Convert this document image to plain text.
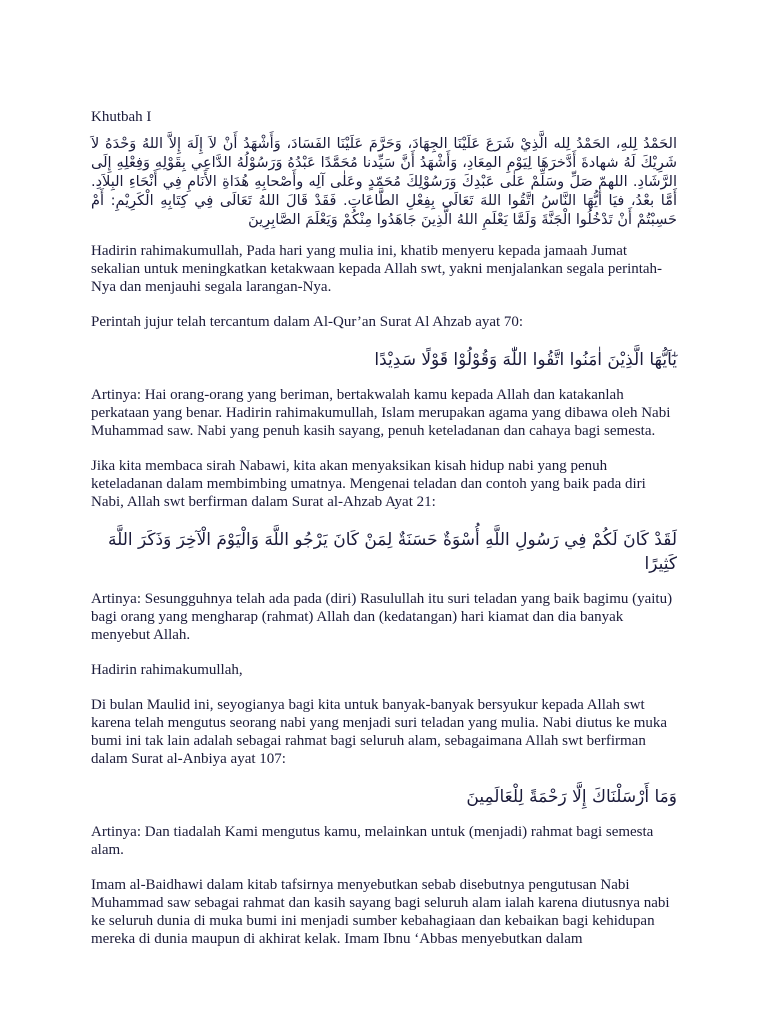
Khutbah I
الحَمْدُ لِلهِ، الحَمْدُ لِله الَّذِيْ شَرَعَ عَلَيْنَا الجِهَادَ، وَحَرَّمَ عَلَيْنَا الفَسَادَ، وَأَشْهَدُ أَنْ لاَ إِلَهَ إِلاَّ اللهُ وَحْدَهُ لاَ شَرِيْكَ لَهُ شهادةَ أَدَّخرَهَا لِيَوْمِ المِعَادِ، وَأَشْهَدُ أَنَّ سَيِّدنا مُحَمَّدًا عَبْدُهُ وَرَسُوْلُهُ الدَّاعِي بِقَوْلِهِ وَفِعْلِهِ إِلَى الرَّشَادِ. اللهمّ صَلِّ وسَلِّمْ عَلٰى عَبْدِكَ وَرَسُوْلِكَ مُحَمّدٍ وعَلٰى آلِه وأَصْحابِهِ هُدَاةِ الأَنَامِ فِي أَنْحَاءِ البِلاَدِ. أَمَّا بعْدُ، فيَا أيُّهَا النَّاسُ اتَّقُوا اللهَ تَعَالَى بِفِعْلِ الطَّاعَاتِ. فَقَدْ قَالَ اللهُ تَعَالَى فِي كِتَابِهِ الْكَرِيْمِ: أَمْ حَسِبْتُمْ أَنْ تَدْخُلُوا الْجَنَّةَ وَلَمَّا يَعْلَمِ اللهُ الَّذِينَ جَاهَدُوا مِنْكُمْ وَيَعْلَمَ الصَّابِرِينَ

Hadirin rahimakumullah, Pada hari yang mulia ini, khatib menyeru kepada jamaah Jumat sekalian untuk meningkatkan ketakwaan kepada Allah swt, yakni menjalankan segala perintah-Nya dan menjauhi segala larangan-Nya.

Perintah jujur telah tercantum dalam Al-Qur’an Surat Al Ahzab ayat 70:

يٰٓاَيُّهَا الَّذِيْنَ اٰمَنُوا اتَّقُوا اللّٰهَ وَقُوْلُوْا قَوْلًا سَدِيْدًا

Artinya: Hai orang-orang yang beriman, bertakwalah kamu kepada Allah dan katakanlah perkataan yang benar. Hadirin rahimakumullah, Islam merupakan agama yang dibawa oleh Nabi Muhammad saw. Nabi yang penuh kasih sayang, penuh keteladanan dan cahaya bagi semesta.

Jika kita membaca sirah Nabawi, kita akan menyaksikan kisah hidup nabi yang penuh keteladanan dalam membimbing umatnya. Mengenai teladan dan contoh yang baik pada diri Nabi, Allah swt berfirman dalam Surat al-Ahzab Ayat 21:

لَقَدْ كَانَ لَكُمْ فِي رَسُولِ اللَّهِ أُسْوَةٌ حَسَنَةٌ لِمَنْ كَانَ يَرْجُو اللَّهَ وَالْيَوْمَ الْآخِرَ وَذَكَرَ اللَّهَ كَثِيرًا

Artinya: Sesungguhnya telah ada pada (diri) Rasulullah itu suri teladan yang baik bagimu (yaitu) bagi orang yang mengharap (rahmat) Allah dan (kedatangan) hari kiamat dan dia banyak menyebut Allah.

Hadirin rahimakumullah,

Di bulan Maulid ini, seyogianya bagi kita untuk banyak-banyak bersyukur kepada Allah swt karena telah mengutus seorang nabi yang menjadi suri teladan yang mulia. Nabi diutus ke muka bumi ini tak lain adalah sebagai rahmat bagi seluruh alam, sebagaimana Allah swt berfirman dalam Surat al-Anbiya ayat 107:

وَمَا أَرْسَلْنَاكَ إِلَّا رَحْمَةً لِلْعَالَمِينَ

Artinya: Dan tiadalah Kami mengutus kamu, melainkan untuk (menjadi) rahmat bagi semesta alam.

Imam al-Baidhawi dalam kitab tafsirnya menyebutkan sebab disebutnya pengutusan Nabi Muhammad saw sebagai rahmat dan kasih sayang bagi seluruh alam ialah karena diutusnya nabi ke seluruh dunia di muka bumi ini menjadi sumber kebahagiaan dan kebaikan bagi kehidupan mereka di dunia maupun di akhirat kelak. Imam Ibnu ‘Abbas menyebutkan dalam
